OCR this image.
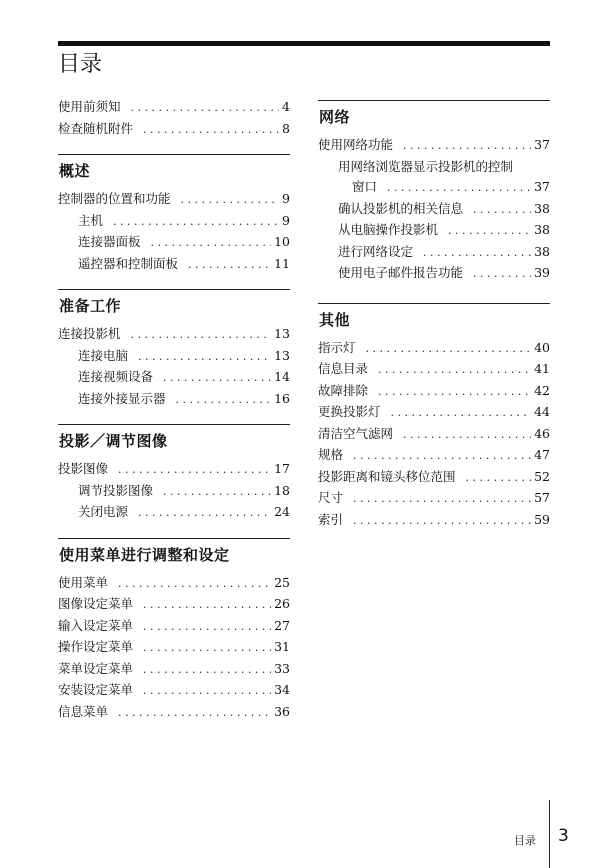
目录
使用前须知 . . .	4
检查随机附件 . . .	8
概述
控制器的位置和功能 . . .	9
主机 . . .	9
连接器面板 . . .	10
遥控器和控制面板 . . .	11
准备工作
连接投影机 . . .	13
连接电脑 . . .	13
连接视频设备 . . .	14
连接外接显示器 . . .	16
投影／调节图像
投影图像 . . .	17
调节投影图像 . . .	18
关闭电源 . . .	24
使用菜单进行调整和设定
使用菜单 . . .	25
图像设定菜单 . . .	26
输入设定菜单 . . .	27
操作设定菜单 . . .	31
菜单设定菜单 . . .	33
安装设定菜单 . . .	34
信息菜单 . . .	36
网络
使用网络功能 . . .	37
用网络浏览器显示投影机的控制
窗口 . . .	37
确认投影机的相关信息 . . .	38
从电脑操作投影机 . . .	38
进行网络设定 . . .	38
使用电子邮件报告功能 . . .	39
其他
指示灯 . . .	40
信息目录 . . .	41
故障排除 . . .	42
更换投影灯 . . .	44
清洁空气滤网 . . .	46
规格 . . .	47
投影距离和镜头移位范围 . . .	52
尺寸 . . .	57
索引 . . .	59
目录 3
